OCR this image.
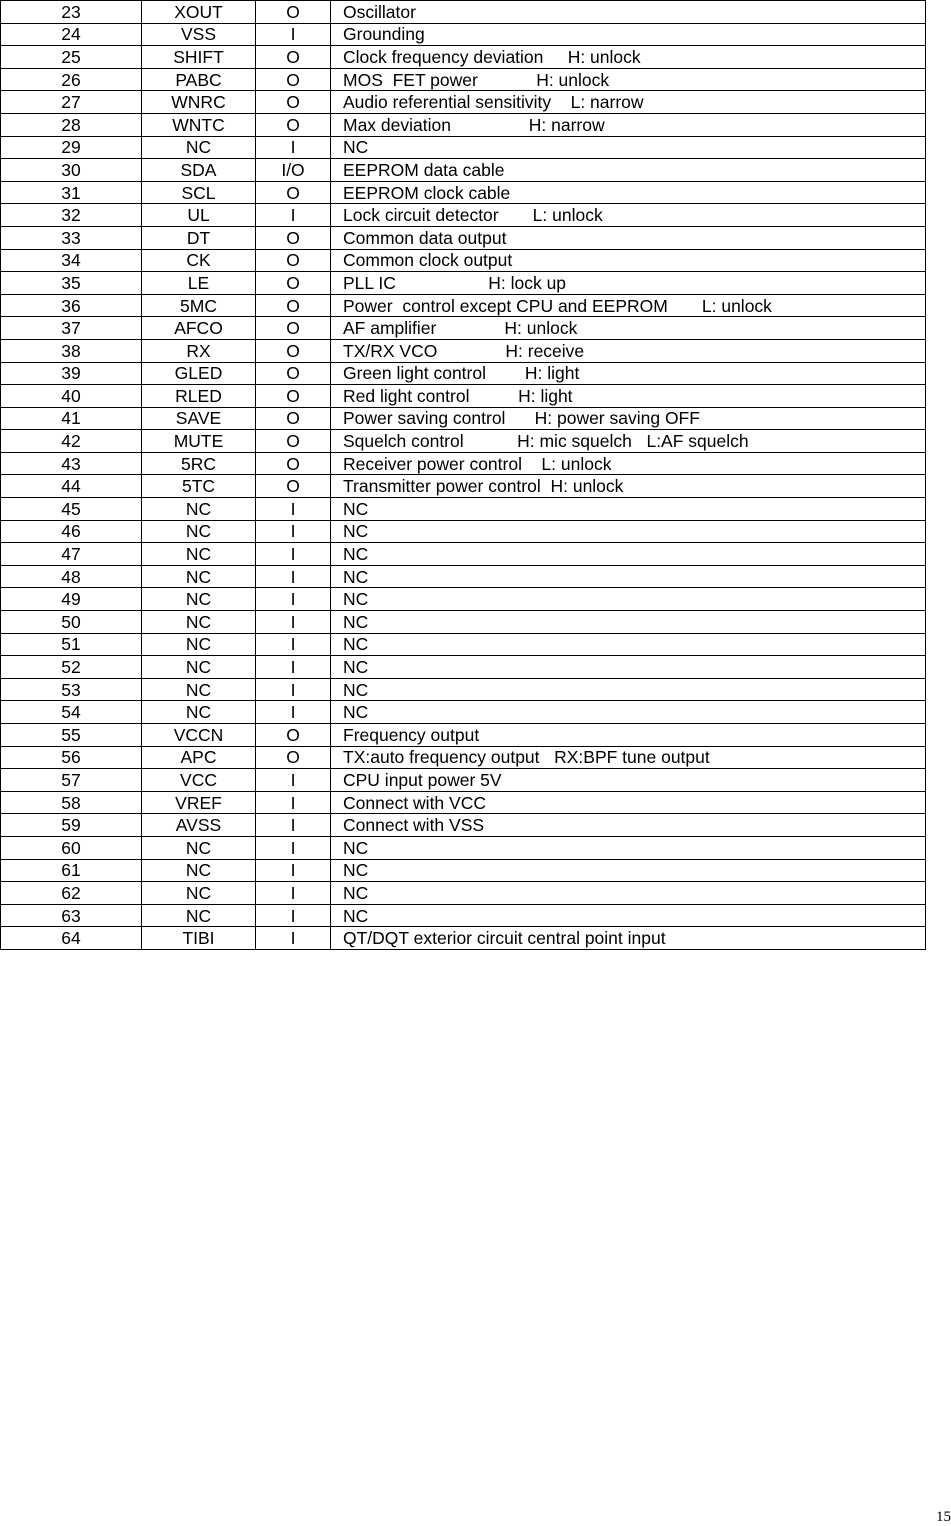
23	XOUT	O	Oscillator
24	VSS	I	Grounding
25	SHIFT	O	Clock frequency deviation     H: unlock
26	PABC	O	MOS  FET power            H: unlock
27	WNRC	O	Audio referential sensitivity    L: narrow
28	WNTC	O	Max deviation                H: narrow
29	NC	I	NC
30	SDA	I/O	EEPROM data cable
31	SCL	O	EEPROM clock cable
32	UL	I	Lock circuit detector       L: unlock
33	DT	O	Common data output
34	CK	O	Common clock output
35	LE	O	PLL IC                   H: lock up
36	5MC	O	Power  control except CPU and EEPROM       L: unlock
37	AFCO	O	AF amplifier              H: unlock
38	RX	O	TX/RX VCO              H: receive
39	GLED	O	Green light control        H: light
40	RLED	O	Red light control          H: light
41	SAVE	O	Power saving control      H: power saving OFF
42	MUTE	O	Squelch control           H: mic squelch   L:AF squelch
43	5RC	O	Receiver power control    L: unlock
44	5TC	O	Transmitter power control  H: unlock
45	NC	I	NC
46	NC	I	NC
47	NC	I	NC
48	NC	I	NC
49	NC	I	NC
50	NC	I	NC
51	NC	I	NC
52	NC	I	NC
53	NC	I	NC
54	NC	I	NC
55	VCCN	O	Frequency output
56	APC	O	TX:auto frequency output   RX:BPF tune output
57	VCC	I	CPU input power 5V
58	VREF	I	Connect with VCC
59	AVSS	I	Connect with VSS
60	NC	I	NC
61	NC	I	NC
62	NC	I	NC
63	NC	I	NC
64	TIBI	I	QT/DQT exterior circuit central point input
15
